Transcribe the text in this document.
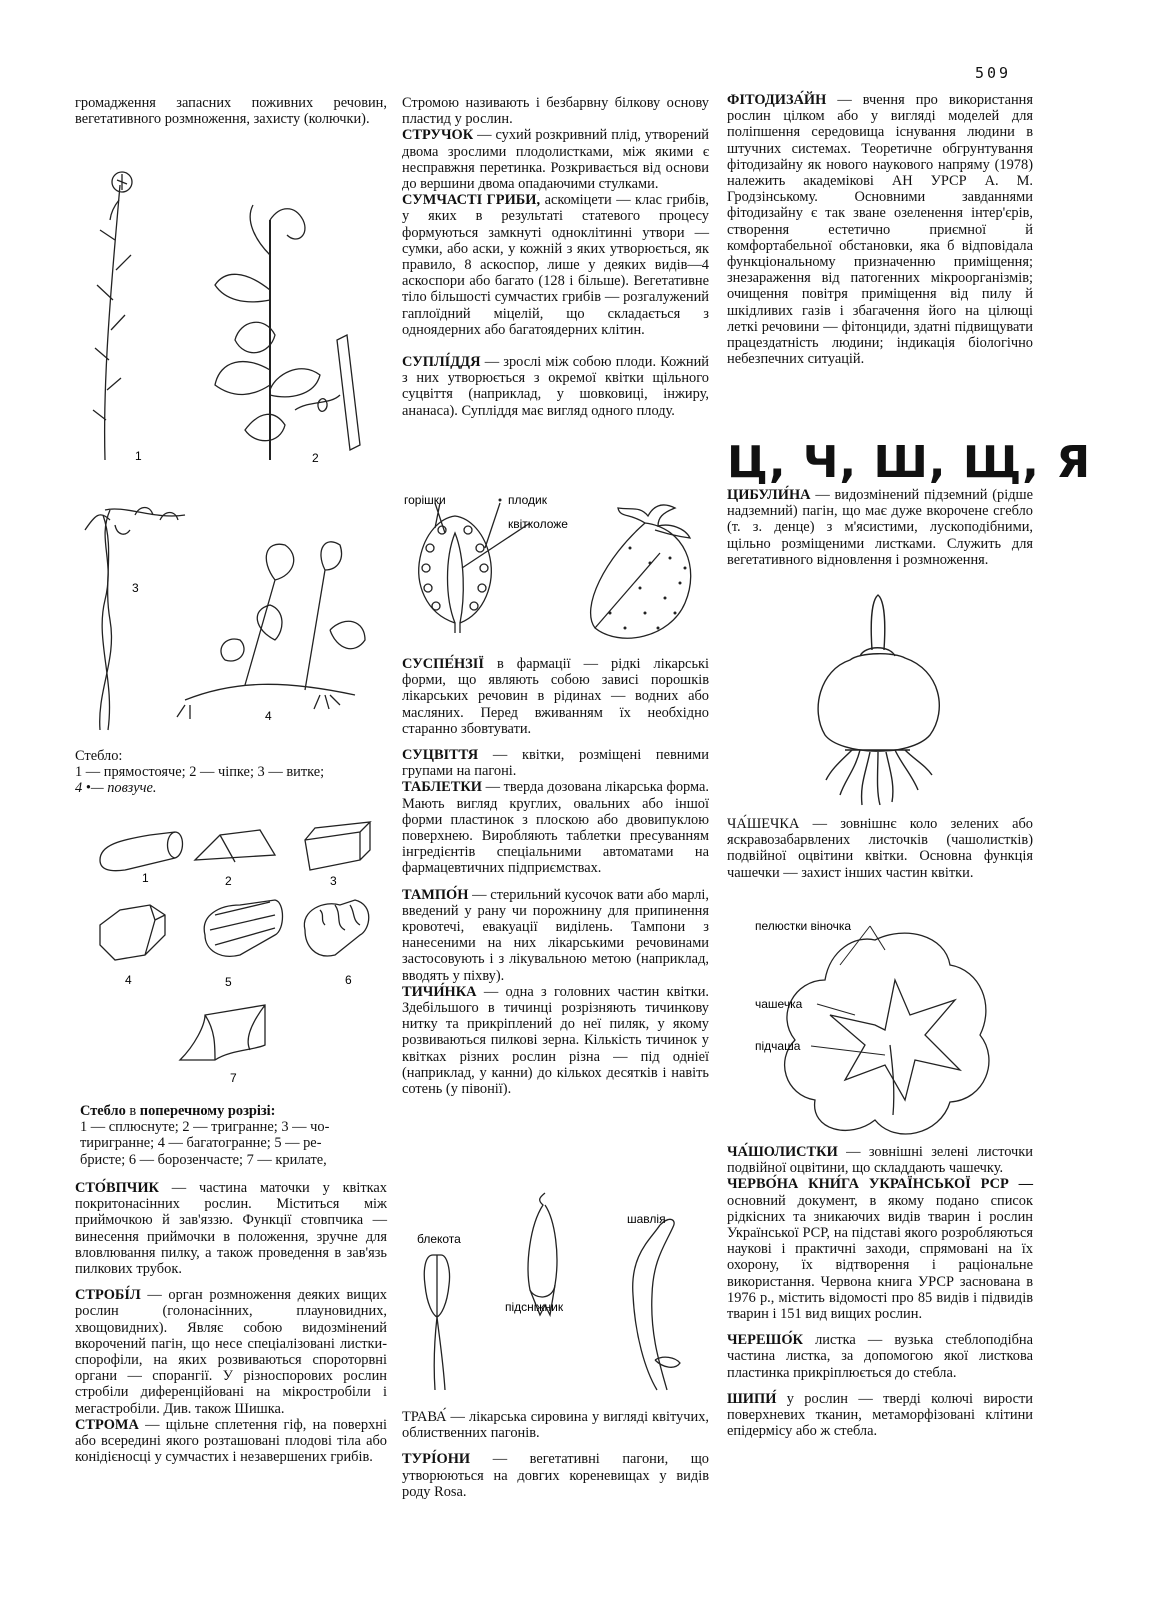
509

громадження запасних поживних речовин, вегетативного розмноження, захисту (колючки).

1	2
3
4

Стебло:

1 — прямостояче; 2 — чіпке; 3 — витке;

4 •— повзуче.

1	2	3
4	5	6
7

Стебло в поперечному розрізі:

1 — сплюснуте; 2 — тригранне; 3 — чо-

тиригранне; 4 — багатогранне; 5 — ре-

бристе; 6 — борозенчасте; 7 — крилате,

СТО́ВПЧИК — частина маточки у квітках покритонасінних рослин. Міститься між приймочкою й зав'яззю. Функції стовпчика — винесення приймочки в положення, зручне для вловлювання пилку, а також проведення в зав'язь пилкових трубок.

СТРОБІ́Л — орган розмноження деяких вищих рослин (голонасінних, плауновидних, хвощовидних). Являє собою видозмінений вкорочений пагін, що несе спеціалізовані листки-спорофіли, на яких розвиваються спороторвні органи — спорангії. У різноспорових рослин стробіли диференційовані на мікростробіли і мегастробіли. Див. також Шишка.

СТРОМА — щільне сплетення гіф, на поверхні або всередині якого розташовані плодові тіла або конідієносці у сумчастих і незавершених грибів.

Стромою називають і безбарвну білкову основу пластид у рослин.

СТРУЧОК — сухий розкривний плід, утворений двома зрослими плодолистками, між якими є несправжня перетинка. Розкривається від основи до вершини двома опадаючими стулками.

СУМЧАСТІ ГРИБИ, аскоміцети — клас грибів, у яких в результаті статевого процесу формуються замкнуті одноклітинні утвори — сумки, або аски, у кожній з яких утворюється, як правило, 8 аскоспор, лише у деяких видів—4 аскоспори або багато (128 і більше). Вегетативне тіло більшості сумчастих грибів — розгалужений гаплоїдний міцелій, що складається з одноядерних або багатоядерних клітин.

СУПЛІ́ДДЯ — зрослі між собою плоди. Кожний з них утворюється з окремої квітки щільного суцвіття (наприклад, у шовковиці, інжиру, ананаса). Супліддя має вигляд одного плоду.

горішки	плодик
квітколоже

СУСПЕ́НЗІЇ в фармації — рідкі лікарські форми, що являють собою зависі порошків лікарських речовин в рідинах — водних або масляних. Перед вживанням їх необхідно старанно збовтувати.

СУЦВІТТЯ — квітки, розміщені певними групами на пагоні.

ТАБЛЕТКИ — тверда дозована лікарська форма. Мають вигляд круглих, овальних або іншої форми пластинок з плоскою або двовипуклою поверхнею. Виробляють таблетки пресуванням інгредієнтів спеціальними автоматами на фармацевтичних підприємствах.

ТАМПО́Н — стерильний кусочок вати або марлі, введений у рану чи порожнину для припинення кровотечі, евакуації виділень. Тампони з нанесеними на них лікарськими речовинами застосовують і з лікувальною метою (наприклад, вводять у піхву).

ТИЧИ́НКА — одна з головних частин квітки. Здебільшого в тичинці розрізняють тичинкову нитку та прикріплений до неї пиляк, у якому розвиваються пилкові зерна. Кількість тичинок у квітках різних рослин різна — під одніеї (наприклад, у канни) до кількох десятків і навіть сотень (у півонії).

блекота
підсніжник
шавлія

ТРАВА́ — лікарська сировина у вигляді квітучих, облиственних пагонів.

ТУРІ́ОНИ — вегетативні пагони, що утворюються на довгих кореневищах у видів роду Rosa.

ФІТОДИЗА́ЙН — вчення про використання рослин цілком або у вигляді моделей для поліпшення середовища існування людини в штучних системах. Теоретичне обгрунтування фітодизайну як нового наукового напряму (1978) належить академікові АН УРСР А. М. Гродзінському. Основними завданнями фітодизайну є так зване озеленення інтер'єрів, створення естетично приємної й комфортабельної обстановки, яка б відповідала функціональному призначенню приміщення; знезараження від патогенних мікроорганізмів; очищення повітря приміщення від пилу й шкідливих газів і збагачення його на цілющі леткі речовини — фітонциди, здатні підвищувати працездатність людини; індикація біологічно небезпечних ситуацій.

Ц, Ч, Ш, Щ, Я

ЦИБУЛИ́НА — видозмінений підземний (рідше надземний) пагін, що має дуже вкорочене сгебло (т. з. денце) з м'ясистими, лускоподібними, щільно розміщеними листками. Служить для вегетативного відновлення і розмноження.

ЧА́ШЕЧКА — зовнішнє коло зелених або яскравозабарвлених листочків (чашолистків) подвійної оцвітини квітки. Основна функція чашечки — захист інших частин квітки.

пелюстки віночка
чашечка
підчаша

ЧА́ШОЛИСТКИ — зовнішні зелені листочки подвійної оцвітини, що складдають чашечку.

ЧЕРВО́НА КНИ́ГА УКРАЇНСЬКОЇ РСР — основний документ, в якому подано список рідкісних та зникаючих видів тварин і рослин Української РСР, на підставі якого розробляються наукові і практичні заходи, спрямовані на їх охорону, їх відтворення і раціональне використання. Червона книга УРСР заснована в 1976 р., містить відомості про 85 видів і підвидів тварин і 151 вид вищих рослин.

ЧЕРЕШО́К листка — вузька стеблоподібна частина листка, за допомогою якої листкова пластинка прикріплюється до стебла.

ШИПИ́ у рослин — тверді колючі вирости поверхневих тканин, метаморфізовані клітини епідермісу або ж стебла.
